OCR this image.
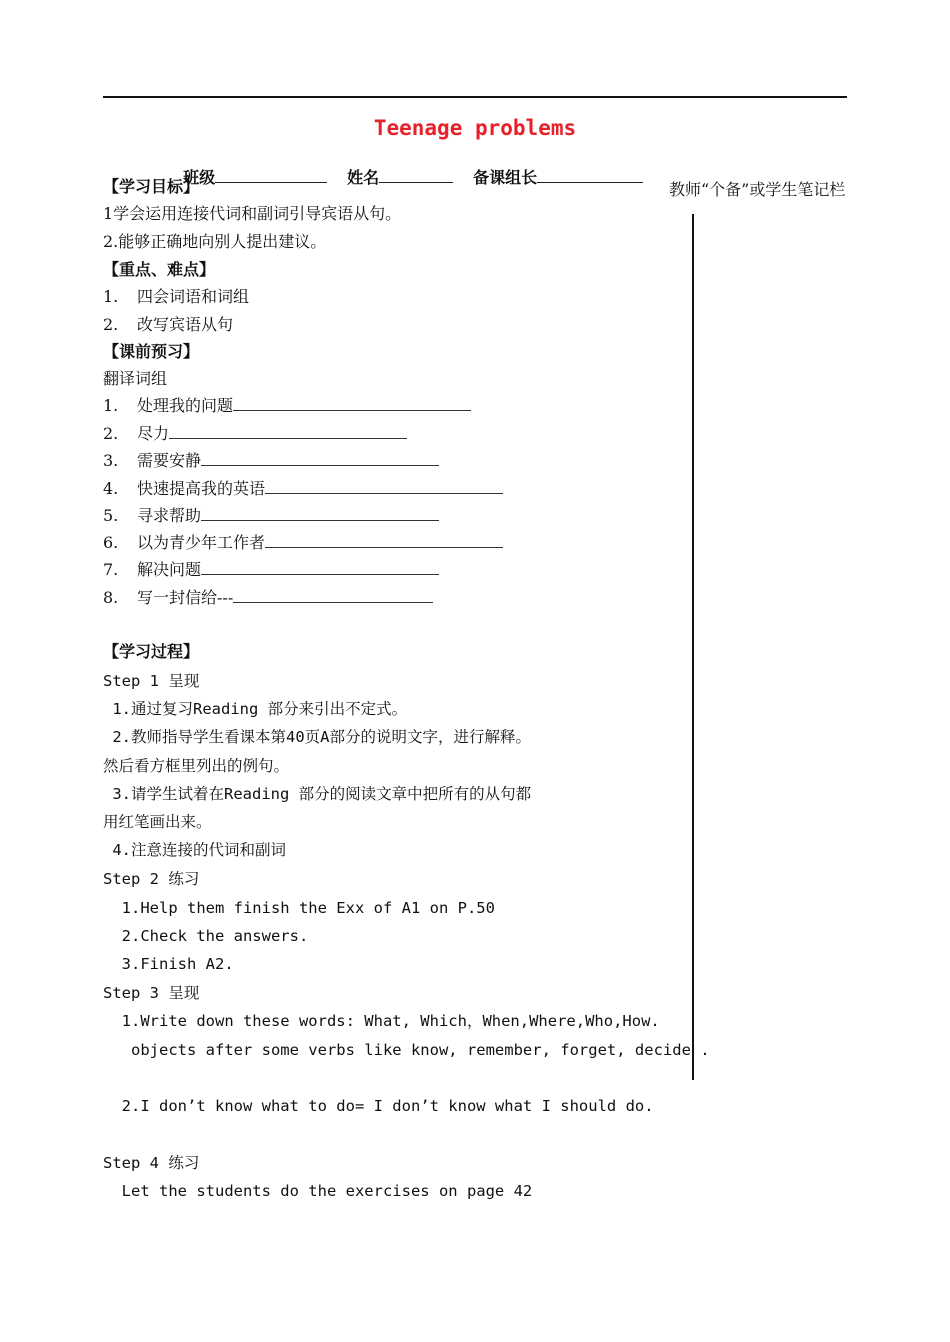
Teenage problems

班级	姓名	备课组长

教师“个备”或学生笔记栏
【学习目标】
1学会运用连接代词和副词引导宾语从句。
2.能够正确地向别人提出建议。
【重点、难点】
1. 四会词语和词组
2. 改写宾语从句
【课前预习】
翻译词组
1. 处理我的问题
2. 尽力
3. 需要安静
4. 快速提高我的英语
5. 寻求帮助
6. 以为青少年工作者
7. 解决问题
8. 写一封信给---
【学习过程】
Step 1 呈现
1.通过复习Reading 部分来引出不定式。
2.教师指导学生看课本第40页A部分的说明文字，进行解释。
然后看方框里列出的例句。
3.请学生试着在Reading 部分的阅读文章中把所有的从句都
用红笔画出来。
4.注意连接的代词和副词
Step 2 练习
1.Help them finish the Exx of A1 on P.50
2.Check the answers.
3.Finish A2.
Step 3 呈现
1.Write down these words: What, Which，When,Where,Who,How.
objects after some verbs like know, remember, forget, decide .
2.I don’t know what to do= I don’t know what I should do.
Step 4 练习
Let the students do the exercises on page 42
